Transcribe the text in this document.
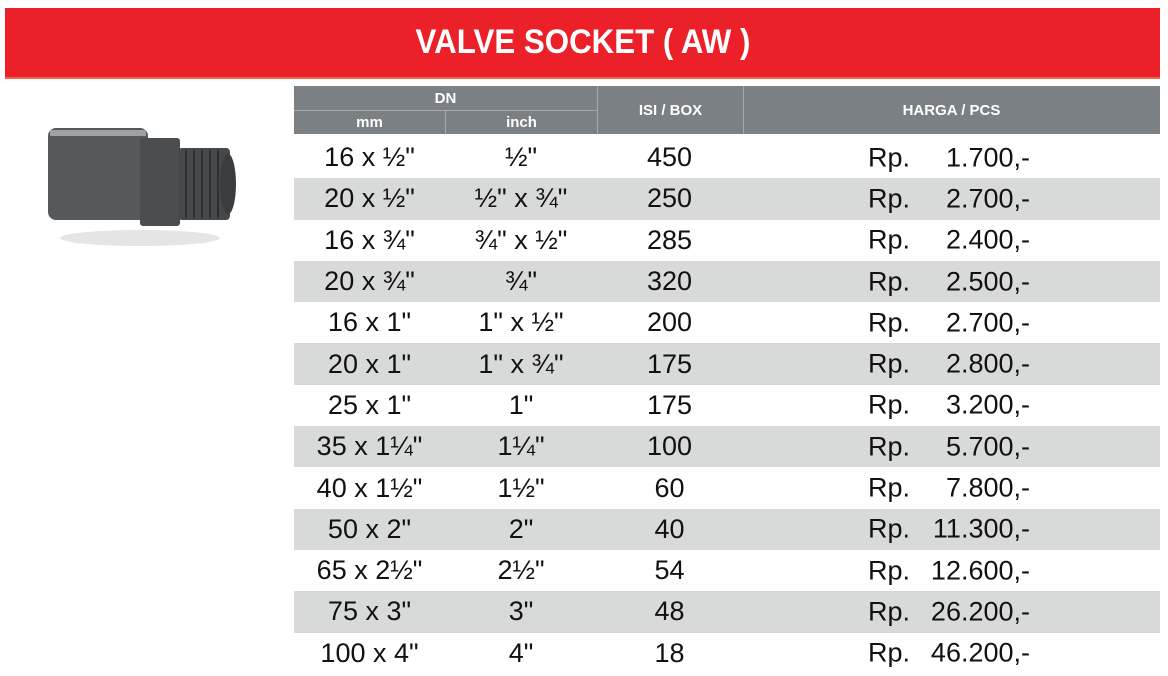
VALVE SOCKET ( AW )
DN
mm	inch
ISI / BOX	HARGA / PCS
16 x ½"	½"	450	Rp. 1.700,-
20 x ½"	½" x ¾"	250	Rp. 2.700,-
16 x ¾"	¾" x ½"	285	Rp. 2.400,-
20 x ¾"	¾"	320	Rp. 2.500,-
16 x 1"	1" x ½"	200	Rp. 2.700,-
20 x 1"	1" x ¾"	175	Rp. 2.800,-
25 x 1"	1"	175	Rp. 3.200,-
35 x 1¼"	1¼"	100	Rp. 5.700,-
40 x 1½"	1½"	60	Rp. 7.800,-
50 x 2"	2"	40	Rp. 11.300,-
65 x 2½"	2½"	54	Rp. 12.600,-
75 x 3"	3"	48	Rp. 26.200,-
100 x 4"	4"	18	Rp. 46.200,-
